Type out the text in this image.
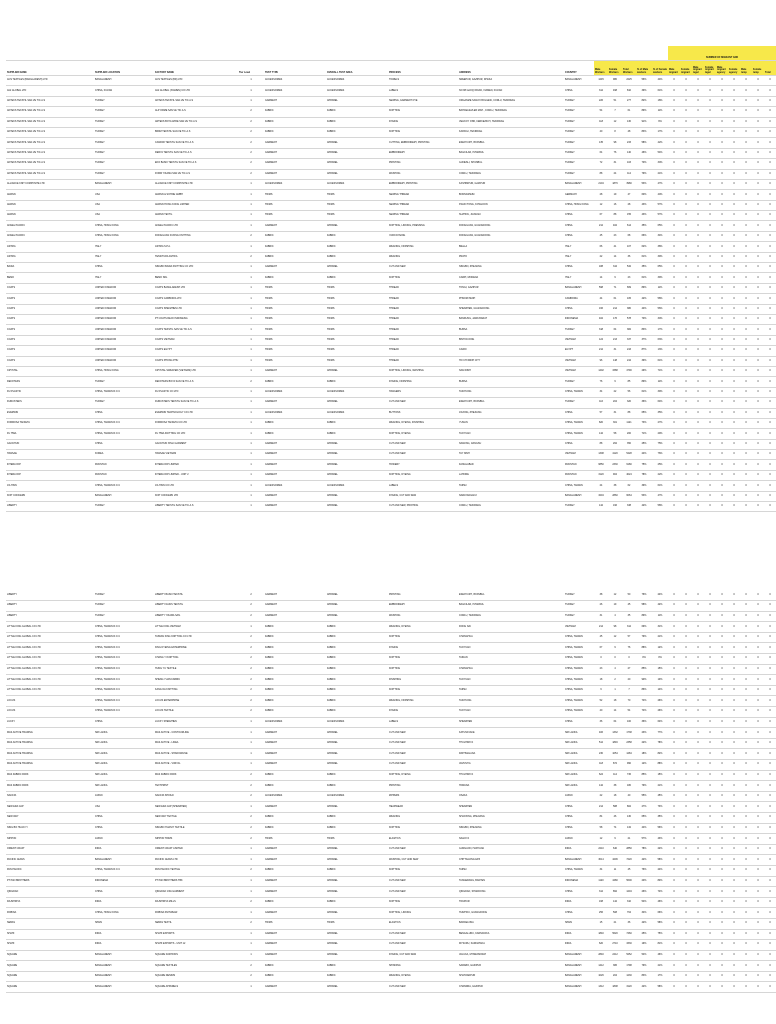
														NUMBER OF MIGRANT AND								
SUPPLIER NAME	SUPPLIER LOCATION	FACTORY NAME	Tier Level	TEST TYPE	OVERALL TEST AREA	PROCESS	ADDRESS	COUNTRY	Male Workers	Female Workers	Total Workers	% of Male workers	% of Female workers	Male migrant	Female migrant	Male migrant legal	Female migrant legal	Male migrant agency	Female agency	Male temp	Female temp	Total
ACS TEXTILES (BANGLADESH) LTD	BANGLADESH	ACS TEXTILES (BD) LTD	1	ACCESSORIES	ACCESSORIES	TOWELS	SREEPUR, GAZIPUR, DHAKA	BANGLADESH	1245	980	2225	56%	44%	0	0	0	0	0	0	0	0	0
AGI GLOBAL LTD	CHINA, FUJIAN	AGI GLOBAL (XIAMEN) CO LTD	1	ACCESSORIES	ACCESSORIES	LABELS	NO 88 GAOQI ROAD, XIAMEN, FUJIAN	CHINA	312	498	810	39%	61%	0	0	0	0	0	0	0	0	0
AKTEKS TEKSTIL SAN.VE TIC.A.S	TURKEY	AKTEKS TEKSTIL SAN.VE TIC.A.S	1	GARMENT	APPAREL	SEWING, GARMENT DYE	ORGANIZE SANAYI BOLGESI, CORLU, TEKIRDAG	TURKEY	226	51	277	82%	18%	0	0	0	0	0	0	0	0	0
AKTEKS TEKSTIL SAN.VE TIC.A.S	TURKEY	ALP ORME SAN.VE TIC.A.S	2	FABRIC	FABRIC	KNITTING	BAHCELIEVLER MAH., CORLU, TEKIRDAG	TURKEY	54	7	61	89%	11%	0	0	0	0	0	0	0	0	0
AKTEKS TEKSTIL SAN.VE TIC.A.S	TURKEY	ARTEKS BOYA APRE SAN.VE TIC.A.S	2	FABRIC	FABRIC	DYEING	VELIKOY OSB, CERKEZKOY, TEKIRDAG	TURKEY	118	12	130	91%	9%	0	0	0	0	0	0	0	0	0
AKTEKS TEKSTIL SAN.VE TIC.A.S	TURKEY	BIRIM TEKSTIL SAN.VE TIC.A.S	2	FABRIC	FABRIC	KNITTING	KAPAKLI, TEKIRDAG	TURKEY	40	8	48	83%	17%	0	0	0	0	0	0	0	0	0
AKTEKS TEKSTIL SAN.VE TIC.A.S	TURKEY	CANPAR TEKSTIL SAN.VE TIC.A.S	2	GARMENT	APPAREL	CUTTING, EMBROIDERY, PRINTING	ESENYURT, ISTANBUL	TURKEY	135	98	233	58%	42%	0	0	0	0	0	0	0	0	0
AKTEKS TEKSTIL SAN.VE TIC.A.S	TURKEY	DERYA TEKSTIL SAN.VE TIC.A.S	2	GARMENT	APPAREL	EMBROIDERY	BAGCILAR, ISTANBUL	TURKEY	64	76	140	46%	54%	0	0	0	0	0	0	0	0	0
AKTEKS TEKSTIL SAN.VE TIC.A.S	TURKEY	EKO BASKI TEKSTIL SAN.VE TIC.A.S	2	GARMENT	APPAREL	PRINTING	GUNESLI, ISTANBUL	TURKEY	72	31	103	70%	30%	0	0	0	0	0	0	0	0	0
AKTEKS TEKSTIL SAN.VE TIC.A.S	TURKEY	FORM YIKAMA SAN.VE TIC.A.S	2	GARMENT	APPAREL	WASHING	CORLU, TEKIRDAG	TURKEY	88	24	112	79%	21%	0	0	0	0	0	0	0	0	0
ALLIANCE KNIT COMPOSITE LTD	BANGLADESH	ALLIANCE KNIT COMPOSITE LTD	1	ACCESSORIES	ACCESSORIES	EMBROIDERY, PRINTING	KASHIMPUR, GAZIPUR	BANGLADESH	2104	1876	3980	53%	47%	0	0	0	0	0	0	0	0	0
AMANN	USA	AMANN & SOHNE GMBH	1	TRIMS	TRIMS	SEWING THREAD	BONNIGHEIM	GERMANY	28	19	47	60%	40%	0	0	0	0	0	0	0	0	0
AMANN	USA	AMANN HONG KONG LIMITED	1	TRIMS	TRIMS	SEWING THREAD	KWUN TONG, KOWLOON	CHINA, HONG KONG	12	16	28	43%	57%	0	0	0	0	0	0	0	0	0
AMANN	USA	AMANN TEXTIL	1	TRIMS	TRIMS	SEWING THREAD	SUZHOU, JIANGSU	CHINA	67	88	155	43%	57%	0	0	0	0	0	0	0	0	0
ANGEL PACIFIC	CHINA, HONG KONG	ANGEL PACIFIC LTD	1	GARMENT	APPAREL	KNITTING, LINKING, PRESSING	DONGGUAN, GUANGDONG	CHINA	212	402	614	35%	65%	0	0	0	0	0	0	0	0	0
ANGEL PACIFIC	CHINA, HONG KONG	DONGGUAN FUXING KNITTING	2	FABRIC	FABRIC	YARN DYEING	DONGGUAN, GUANGDONG	CHINA	45	23	68	66%	34%	0	0	0	0	0	0	0	0	0
ASTRIA	ITALY	ASTRIA S.P.A.	1	FABRIC	FABRIC	WEAVING, FINISHING	BIELLA	ITALY	66	41	107	62%	38%	0	0	0	0	0	0	0	0	0
ASTRIA	ITALY	TESSITURA ASTRIA	2	FABRIC	FABRIC	WEAVING	PRATO	ITALY	22	14	36	61%	39%	0	0	0	0	0	0	0	0	0
BAIDA	CHINA	NINGBO BAIDA KNITTING CO LTD	1	GARMENT	APPAREL	CUT AND SEW	NINGBO, ZHEJIANG	CHINA	188	344	532	35%	65%	0	0	0	0	0	0	0	0	0
BEMO	ITALY	BEMO SRL	1	FABRIC	FABRIC	KNITTING	CARPI, MODENA	ITALY	14	9	23	61%	39%	0	0	0	0	0	0	0	0	0
COATS	UNITED KINGDOM	COATS BANGLADESH LTD	1	TRIMS	TRIMS	THREAD	TONGI, GAZIPUR	BANGLADESH	598	71	669	89%	11%	0	0	0	0	0	0	0	0	0
COATS	UNITED KINGDOM	COATS CAMBODIA LTD	1	TRIMS	TRIMS	THREAD	PHNOM PENH	CAMBODIA	44	61	105	42%	58%	0	0	0	0	0	0	0	0	0
COATS	UNITED KINGDOM	COATS SHENZHEN LTD	1	TRIMS	TRIMS	THREAD	SHENZHEN, GUANGDONG	CHINA	166	214	380	44%	56%	0	0	0	0	0	0	0	0	0
COATS	UNITED KINGDOM	PT COATS REJO INDONESIA	1	TRIMS	TRIMS	THREAD	BANDUNG, JAWA BARAT	INDONESIA	402	176	578	70%	30%	0	0	0	0	0	0	0	0	0
COATS	UNITED KINGDOM	COATS TEKSTIL SAN.VE TIC.A.S	1	TRIMS	TRIMS	THREAD	BURSA	TURKEY	318	64	382	83%	17%	0	0	0	0	0	0	0	0	0
COATS	UNITED KINGDOM	COATS VIETNAM	1	TRIMS	TRIMS	THREAD	BINH DUONG	VIETNAM	124	213	337	37%	63%	0	0	0	0	0	0	0	0	0
COATS	UNITED KINGDOM	COATS EGYPT	1	TRIMS	TRIMS	THREAD	CAIRO	EGYPT	212	31	243	87%	13%	0	0	0	0	0	0	0	0	0
COATS	UNITED KINGDOM	COATS PHONG PHU	1	TRIMS	TRIMS	THREAD	HO CHI MINH CITY	VIETNAM	96	148	244	39%	61%	0	0	0	0	0	0	0	0	0
CRYSTAL	CHINA, HONG KONG	CRYSTAL SWEATER (VIETNAM) LTD	1	GARMENT	APPAREL	KNITTING, LINKING, WASHING	NAM DINH	VIETNAM	1402	3388	4790	29%	71%	0	0	0	0	0	0	0	0	0
DEKOTEKS	TURKEY	DEKOTEKS BOYA SAN.VE TIC.A.S	2	FABRIC	FABRIC	DYEING, FINISHING	BURSA	TURKEY	76	9	85	89%	11%	0	0	0	0	0	0	0	0	0
DU PLASTIC	CHINA, TAIWAN R.O.C	DU PLASTIC CO LTD	1	ACCESSORIES	ACCESSORIES	HANGERS	TAICHUNG	CHINA, TAIWAN	34	22	56	61%	39%	0	0	0	0	0	0	0	0	0
DURUSTEKS	TURKEY	DURUSTEKS TEKSTIL SAN.VE TIC.A.S	1	GARMENT	APPAREL	CUT AND SEW	ESENYURT, ISTANBUL	TURKEY	116	204	320	36%	64%	0	0	0	0	0	0	0	0	0
EVERWIN	CHINA	EVERWIN TECHNOLOGY CO LTD	1	ACCESSORIES	ACCESSORIES	BUTTONS	JIAXING, ZHEJIANG	CHINA	57	31	88	65%	35%	0	0	0	0	0	0	0	0	0
FORMOSA TAFFETA	CHINA, TAIWAN R.O.C	FORMOSA TAFFETA CO LTD	1	FABRIC	FABRIC	WEAVING, DYEING, FINISHING	YUNLIN	CHINA, TAIWAN	820	301	1121	73%	27%	0	0	0	0	0	0	0	0	0
FU HWA	CHINA, TAIWAN R.O.C	FU HWA KNITTING CO LTD	1	FABRIC	FABRIC	KNITTING, DYEING	TAOYUAN	CHINA, TAIWAN	142	58	200	71%	29%	0	0	0	0	0	0	0	0	0
GAOCHUN	CHINA	GAOCHUN XINLI GARMENT	1	GARMENT	APPAREL	CUT AND SEW	NANJING, JIANGSU	CHINA	88	262	350	25%	75%	0	0	0	0	0	0	0	0	0
HANSAE	KOREA	HANSAE VIETNAM	1	GARMENT	APPAREL	CUT AND SEW	TAY NINH	VIETNAM	1308	4120	5428	24%	76%	0	0	0	0	0	0	0	0	0
INTERLOOP	PAKISTAN	INTERLOOP LIMITED	1	GARMENT	APPAREL	HOSIERY	FAISALABAD	PAKISTAN	6850	2330	9180	75%	25%	0	0	0	0	0	0	0	0	0
INTERLOOP	PAKISTAN	INTERLOOP LIMITED - UNIT 2	1	GARMENT	APPAREL	KNITTING, DYEING	LAHORE	PAKISTAN	3120	904	4024	78%	22%	0	0	0	0	0	0	0	0	0
JIA HSIN	CHINA, TAIWAN R.O.C	JIA HSIN CO LTD	1	ACCESSORIES	ACCESSORIES	LABELS	TAIPEI	CHINA, TAIWAN	24	38	62	39%	61%	0	0	0	0	0	0	0	0	0
KNIT CONCERN	BANGLADESH	KNIT CONCERN LTD	1	GARMENT	APPAREL	DYEING, CUT AND SEW	NARAYANGANJ	BANGLADESH	3204	2860	6064	53%	47%	0	0	0	0	0	0	0	0	0
LIBERTY	TURKEY	LIBERTY TEKSTIL SAN.VE TIC.A.S	1	GARMENT	APPAREL	CUT AND SEW, PRINTING	CORLU, TEKIRDAG	TURKEY	142	196	338	42%	58%	0	0	0	0	0	0	0	0	0
LIBERTY	TURKEY	LIBERTY BASKI TEKSTIL	2	GARMENT	APPAREL	PRINTING	ESENYURT, ISTANBUL	TURKEY	38	12	50	76%	24%	0	0	0	0	0	0	0	0	0
LIBERTY	TURKEY	LIBERTY NAKIS TEKSTIL	2	GARMENT	APPAREL	EMBROIDERY	BAGCILAR, ISTANBUL	TURKEY	26	19	45	58%	42%	0	0	0	0	0	0	0	0	0
LIBERTY	TURKEY	LIBERTY YIKAMA SAN.	2	GARMENT	APPAREL	WASHING	CORLU, TEKIRDAG	TURKEY	31	4	35	89%	11%	0	0	0	0	0	0	0	0	0
LITTLE KING GLOBAL CO LTD	CHINA, TAIWAN R.O.C	LITTLE KING VIETNAM	1	FABRIC	FABRIC	WEAVING, DYEING	DONG NAI	VIETNAM	214	98	312	69%	31%	0	0	0	0	0	0	0	0	0
LITTLE KING GLOBAL CO LTD	CHINA, TAIWAN R.O.C	TAIWAN KING KNITTING CO LTD	2	FABRIC	FABRIC	KNITTING	CHANGHUA	CHINA, TAIWAN	45	12	57	79%	21%	0	0	0	0	0	0	0	0	0
LITTLE KING GLOBAL CO LTD	CHINA, TAIWAN R.O.C	KING DYEING ENTERPRISE	2	FABRIC	FABRIC	DYEING	TAOYUAN	CHINA, TAIWAN	67	9	76	88%	12%	0	0	0	0	0	0	0	0	0
LITTLE KING GLOBAL CO LTD	CHINA, TAIWAN R.O.C	CHANG YI KNITTING	2	FABRIC	FABRIC	KNITTING	TAINAN	CHINA, TAIWAN	0	0	0	0%	0%	0	0	0	0	0	0	0	0	0
LITTLE KING GLOBAL CO LTD	CHINA, TAIWAN R.O.C	HUNG YU TEXTILE	2	FABRIC	FABRIC	KNITTING	CHANGHUA	CHINA, TAIWAN	23	4	27	85%	15%	0	0	0	0	0	0	0	0	0
LITTLE KING GLOBAL CO LTD	CHINA, TAIWAN R.O.C	SHENG YUAN FABRIC	2	FABRIC	FABRIC	FINISHING	TAOYUAN	CHINA, TAIWAN	18	2	20	90%	10%	0	0	0	0	0	0	0	0	0
LITTLE KING GLOBAL CO LTD	CHINA, TAIWAN R.O.C	KANG DA KNITTING	2	FABRIC	FABRIC	KNITTING	TAIPEI	CHINA, TAIWAN	6	1	7	86%	14%	0	0	0	0	0	0	0	0	0
LOCUS	CHINA, TAIWAN R.O.C	LOCUS ENTERPRISE	2	FABRIC	FABRIC	WEAVING, FINISHING	TAICHUNG	CHINA, TAIWAN	52	18	70	74%	26%	0	0	0	0	0	0	0	0	0
LOCUS	CHINA, TAIWAN R.O.C	LOCUS TEXTILE	2	FABRIC	FABRIC	DYEING	TAOYUAN	CHINA, TAIWAN	40	14	54	74%	26%	0	0	0	0	0	0	0	0	0
LUCKY	CHINA	LUCKY SHENZHEN	1	ACCESSORIES	ACCESSORIES	LABELS	SHENZHEN	CHINA	36	64	100	36%	64%	0	0	0	0	0	0	0	0	0
MAS ACTIVE TRADING	SRI LANKA	MAS ACTIVE - CONTOURLINE	1	GARMENT	APPAREL	CUT AND SEW	KATUNAYAKE	SRI LANKA	406	1332	1738	23%	77%	0	0	0	0	0	0	0	0	0
MAS ACTIVE TRADING	SRI LANKA	MAS ACTIVE - LINEA	1	GARMENT	APPAREL	CUT AND SEW	THULHIRIYA	SRI LANKA	512	1846	2358	22%	78%	0	0	0	0	0	0	0	0	0
MAS ACTIVE TRADING	SRI LANKA	MAS ACTIVE - SHADOWLINE	1	GARMENT	APPAREL	CUT AND SEW	RATHMALANA	SRI LANKA	230	1054	1284	18%	82%	0	0	0	0	0	0	0	0	0
MAS ACTIVE TRADING	SRI LANKA	MAS ACTIVE - VIDIYAL	1	GARMENT	APPAREL	CUT AND SEW	VAVUNIYA	SRI LANKA	118	872	990	12%	88%	0	0	0	0	0	0	0	0	0
MAS FABRIC PARK	SRI LANKA	MAS FABRIC PARK	2	FABRIC	FABRIC	KNITTING, DYEING	THULHIRIYA	SRI LANKA	624	112	736	85%	15%	0	0	0	0	0	0	0	0	0
MAS FABRIC PARK	SRI LANKA	TEXTPRINT	2	FABRIC	FABRIC	PRINTING	HORANA	SRI LANKA	142	38	180	79%	21%	0	0	0	0	0	0	0	0	0
NAKATA	JAPAN	NAKATA SHOKAI	2	ACCESSORIES	ACCESSORIES	ZIPPERS	OSAKA	JAPAN	22	18	40	55%	45%	0	0	0	0	0	0	0	0	0
NEW ERA CAP	USA	NEW ERA CAP (SHENZHEN)	1	GARMENT	APPAREL	HEADWEAR	SHENZHEN	CHINA	214	588	802	27%	73%	0	0	0	0	0	0	0	0	0
NEW WAY	CHINA	NEW WAY TEXTILE	2	FABRIC	FABRIC	WEAVING	SHAOXING, ZHEJIANG	CHINA	84	46	130	65%	35%	0	0	0	0	0	0	0	0	0
NING BO HUAN YI	CHINA	NINGBO HUANYI TEXTILE	2	FABRIC	FABRIC	KNITTING	NINGBO, ZHEJIANG	CHINA	58	74	132	44%	56%	0	0	0	0	0	0	0	0	0
NIPPON	JAPAN	NIPPON TRIMS	2	TRIMS	TRIMS	ELASTICS	NAGOYA	JAPAN	12	9	21	57%	43%	0	0	0	0	0	0	0	0	0
ORIENT CRAFT	INDIA	ORIENT CRAFT LIMITED	1	GARMENT	APPAREL	CUT AND SEW	GURGAON, HARYANA	INDIA	2210	640	2850	78%	22%	0	0	0	0	0	0	0	0	0
PACIFIC JEANS	BANGLADESH	PACIFIC JEANS LTD	1	GARMENT	APPAREL	WASHING, CUT AND SEW	CHITTAGONG EPZ	BANGLADESH	3014	4206	7220	42%	58%	0	0	0	0	0	0	0	0	0
PAN PACIFIC	CHINA, TAIWAN R.O.C	PAN PACIFIC TEXTILE	2	FABRIC	FABRIC	KNITTING	TAIPEI	CHINA, TAIWAN	34	11	45	76%	24%	0	0	0	0	0	0	0	0	0
PT PAN BROTHERS	INDONESIA	PT PAN BROTHERS TBK	1	GARMENT	APPAREL	CUT AND SEW	TANGERANG, BANTEN	INDONESIA	1120	4480	5600	20%	80%	0	0	0	0	0	0	0	0	0
QINGDAO	CHINA	QINGDAO JIFA GARMENT	1	GARMENT	APPAREL	CUT AND SEW	QINGDAO, SHANDONG	CHINA	312	892	1204	26%	74%	0	0	0	0	0	0	0	0	0
RAJSHRIYA	INDIA	RAJSHRIYA MILLS	2	FABRIC	FABRIC	KNITTING	TIRUPUR	INDIA	168	142	310	54%	46%	0	0	0	0	0	0	0	0	0
ROBINA	CHINA, HONG KONG	ROBINA KNITWEAR	1	GARMENT	APPAREL	KNITTING, LINKING	HUIZHOU, GUANGDONG	CHINA	256	508	764	34%	66%	0	0	0	0	0	0	0	0	0
SEBAS	SPAIN	SEBAS TEXTIL	2	TRIMS	TRIMS	ELASTICS	BARCELONA	SPAIN	15	21	36	42%	58%	0	0	0	0	0	0	0	0	0
SHAHI	INDIA	SHAHI EXPORTS	1	GARMENT	APPAREL	CUT AND SEW	BENGALURU, KARNATAKA	INDIA	1840	5620	7460	25%	75%	0	0	0	0	0	0	0	0	0
SHAHI	INDIA	SHAHI EXPORTS - UNIT 12	1	GARMENT	APPAREL	CUT AND SEW	MYSURU, KARNATAKA	INDIA	620	2710	3330	19%	81%	0	0	0	0	0	0	0	0	0
SQUARE	BANGLADESH	SQUARE FASHIONS	1	GARMENT	APPAREL	DYEING, CUT AND SEW	VALUKA, MYMENSINGH	BANGLADESH	2840	2412	5252	54%	46%	0	0	0	0	0	0	0	0	0
SQUARE	BANGLADESH	SQUARE TEXTILES	2	FABRIC	FABRIC	SPINNING	SARABO, GAZIPUR	BANGLADESH	1412	386	1798	79%	21%	0	0	0	0	0	0	0	0	0
SQUARE	BANGLADESH	SQUARE DENIMS	2	FABRIC	FABRIC	WEAVING, DYEING	SHAHJADPUR	BANGLADESH	1026	204	1230	83%	17%	0	0	0	0	0	0	0	0	0
SQUARE	BANGLADESH	SQUARE APPARELS	1	GARMENT	APPAREL	CUT AND SEW	CHANDRA, GAZIPUR	BANGLADESH	1312	1808	3120	42%	58%	0	0	0	0	0	0	0	0	0
